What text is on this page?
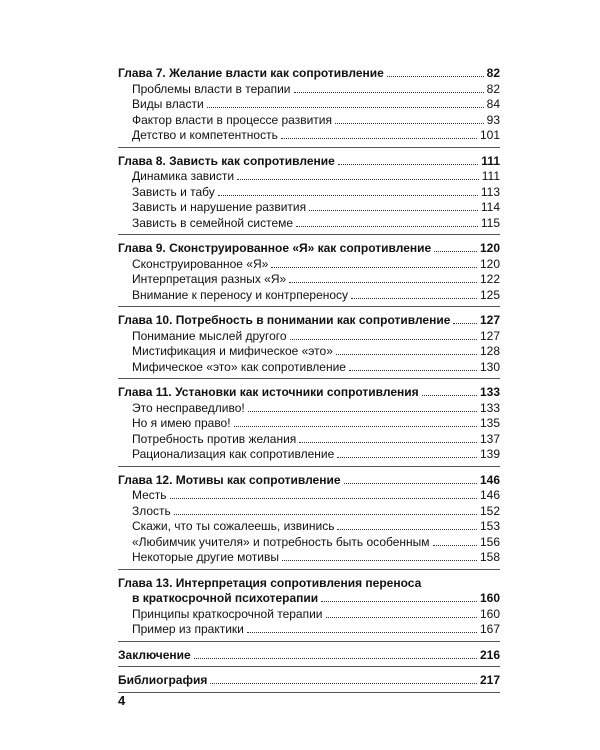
Глава 7. Желание власти как сопротивление	82
Проблемы власти в терапии	82
Виды власти	84
Фактор власти в процессе развития	93
Детство и компетентность	101
Глава 8. Зависть как сопротивление	111
Динамика зависти	111
Зависть и табу	113
Зависть и нарушение развития	114
Зависть в семейной системе	115
Глава 9. Сконструированное «Я» как сопротивление	120
Сконструированное «Я»	120
Интерпретация разных «Я»	122
Внимание к переносу и контрпереносу	125
Глава 10. Потребность в понимании как сопротивление 127
Понимание мыслей другого	127
Мистификация и мифическое «это»	128
Мифическое «это» как сопротивление	130
Глава 11. Установки как источники сопротивления	133
Это несправедливо!	133
Но я имею право!	135
Потребность против желания	137
Рационализация как сопротивление	139
Глава 12. Мотивы как сопротивление	146
Месть	146
Злость	152
Скажи, что ты сожалеешь, извинись	153
«Любимчик учителя» и потребность быть особенным	156
Некоторые другие мотивы	158
Глава 13. Интерпретация сопротивления переноса
в краткосрочной психотерапии	160
Принципы краткосрочной терапии	160
Пример из практики	167
Заключение	216
Библиография	217
4
